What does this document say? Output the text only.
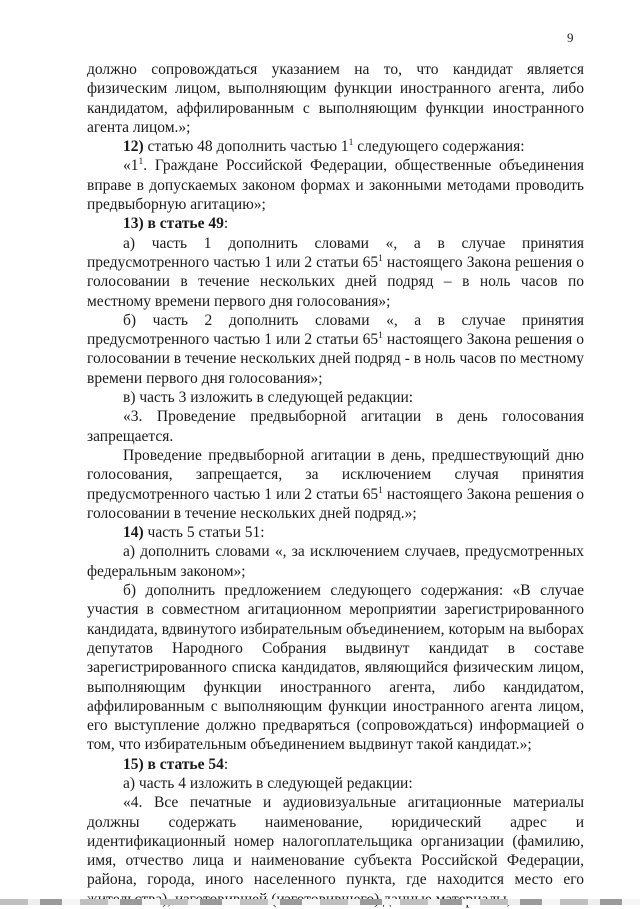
9

должно сопровождаться указанием на то, что кандидат является физическим лицом, выполняющим функции иностранного агента, либо кандидатом, аффилированным с выполняющим функции иностранного агента лицом.»;

12) статью 48 дополнить частью $1^1$ следующего содержания:

«$1^1$. Граждане Российской Федерации, общественные объединения вправе в допускаемых законом формах и законными методами проводить предвыборную агитацию»;

13) в статье 49:

а) часть 1 дополнить словами «, а в случае принятия предусмотренного частью 1 или 2 статьи $65^1$ настоящего Закона решения о голосовании в течение нескольких дней подряд – в ноль часов по местному времени первого дня голосования»;

б) часть 2 дополнить словами «, а в случае принятия предусмотренного частью 1 или 2 статьи $65^1$ настоящего Закона решения о голосовании в течение нескольких дней подряд - в ноль часов по местному времени первого дня голосования»;

в) часть 3 изложить в следующей редакции:

«3. Проведение предвыборной агитации в день голосования запрещается.

Проведение предвыборной агитации в день, предшествующий дню голосования, запрещается, за исключением случая принятия предусмотренного частью 1 или 2 статьи $65^1$ настоящего Закона решения о голосовании в течение нескольких дней подряд.»;

14) часть 5 статьи 51:

а) дополнить словами «, за исключением случаев, предусмотренных федеральным законом»;

б) дополнить предложением следующего содержания: «В случае участия в совместном агитационном мероприятии зарегистрированного кандидата, вдвинутого избирательным объединением, которым на выборах депутатов Народного Собрания выдвинут кандидат в составе зарегистрированного списка кандидатов, являющийся физическим лицом, выполняющим функции иностранного агента, либо кандидатом, аффилированным с выполняющим функции иностранного агента лицом, его выступление должно предваряться (сопровождаться) информацией о том, что избирательным объединением выдвинут такой кандидат.»;

15) в статье 54:

а) часть 4 изложить в следующей редакции:

«4. Все печатные и аудиовизуальные агитационные материалы должны содержать наименование, юридический адрес и идентификационный номер налогоплательщика организации (фамилию, имя, отчество лица и наименование субъекта Российской Федерации, района, города, иного населенного пункта, где находится место его
